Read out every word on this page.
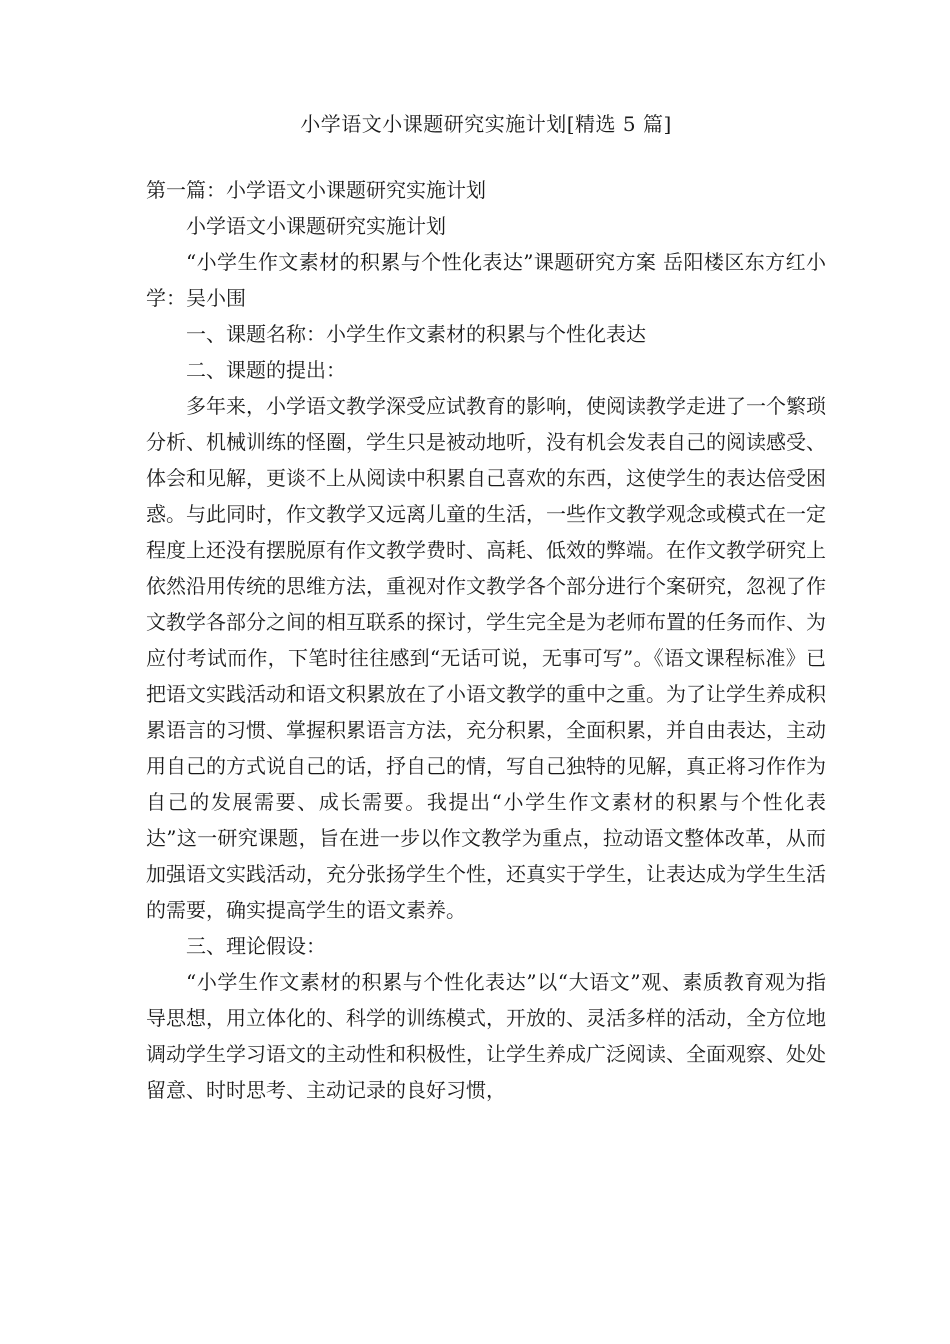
小学语文小课题研究实施计划[精选 5 篇]

第一篇：小学语文小课题研究实施计划

小学语文小课题研究实施计划

“小学生作文素材的积累与个性化表达”课题研究方案 岳阳楼区东方红小学：吴小围

一、课题名称：小学生作文素材的积累与个性化表达

二、课题的提出：

多年来，小学语文教学深受应试教育的影响，使阅读教学走进了一个繁琐分析、机械训练的怪圈，学生只是被动地听，没有机会发表自己的阅读感受、体会和见解，更谈不上从阅读中积累自己喜欢的东西，这使学生的表达倍受困惑。与此同时，作文教学又远离儿童的生活，一些作文教学观念或模式在一定程度上还没有摆脱原有作文教学费时、高耗、低效的弊端。在作文教学研究上依然沿用传统的思维方法，重视对作文教学各个部分进行个案研究，忽视了作文教学各部分之间的相互联系的探讨，学生完全是为老师布置的任务而作、为应付考试而作，下笔时往往感到“无话可说，无事可写”。《语文课程标准》已把语文实践活动和语文积累放在了小语文教学的重中之重。为了让学生养成积累语言的习惯、掌握积累语言方法，充分积累，全面积累，并自由表达，主动用自己的方式说自己的话，抒自己的情，写自己独特的见解，真正将习作作为自己的发展需要、成长需要。我提出“小学生作文素材的积累与个性化表达”这一研究课题，旨在进一步以作文教学为重点，拉动语文整体改革，从而加强语文实践活动，充分张扬学生个性，还真实于学生，让表达成为学生生活的需要，确实提高学生的语文素养。

三、理论假设：

“小学生作文素材的积累与个性化表达”以“大语文”观、素质教育观为指导思想，用立体化的、科学的训练模式，开放的、灵活多样的活动，全方位地调动学生学习语文的主动性和积极性，让学生养成广泛阅读、全面观察、处处留意、时时思考、主动记录的良好习惯，
